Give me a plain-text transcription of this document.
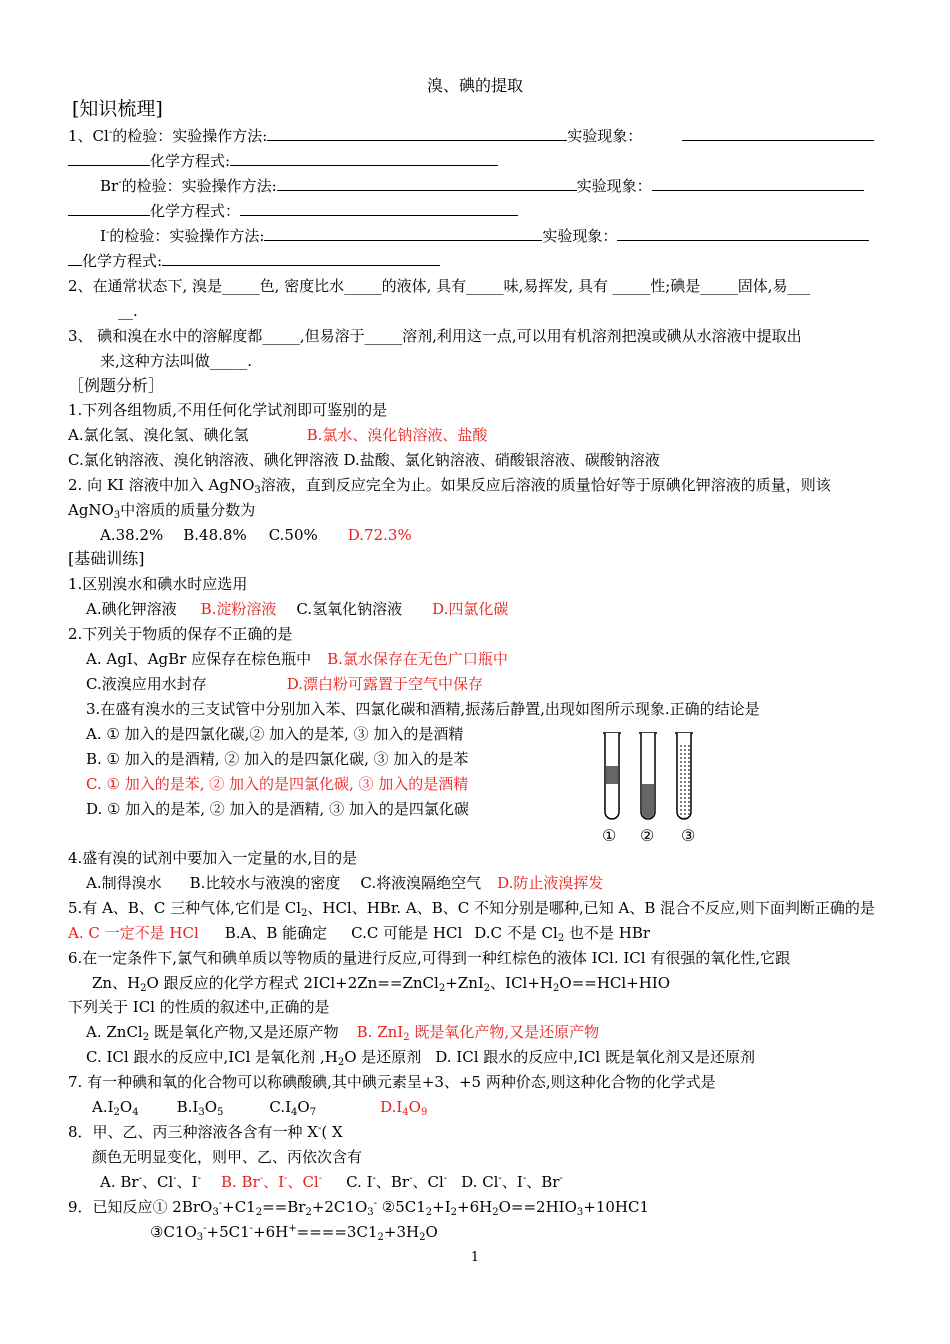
溴、碘的提取
[知识梳理]
1、Cl-的检验：实验操作方法:	实验现象：
化学方程式:
Br-的检验：实验操作方法:	实验现象：
化学方程式：
I-的检验：实验操作方法:	实验现象：
化学方程式:
2、在通常状态下, 溴是_____色, 密度比水_____的液体, 具有_____味,易挥发, 具有 _____性;碘是_____固体,易___
__.
3、 碘和溴在水中的溶解度都_____,但易溶于_____溶剂,利用这一点,可以用有机溶剂把溴或碘从水溶液中提取出
来,这种方法叫做_____.
［例题分析］
1.下列各组物质,不用任何化学试剂即可鉴别的是
A.氯化氢、溴化氢、碘化氢	B.氯水、溴化钠溶液、盐酸
C.氯化钠溶液、溴化钠溶液、碘化钾溶液 D.盐酸、氯化钠溶液、硝酸银溶液、碳酸钠溶液
2. 向 KI 溶液中加入 AgNO$_3$溶液，直到反应完全为止。如果反应后溶液的质量恰好等于原碘化钾溶液的质量，则该
AgNO$_3$中溶质的质量分数为
A.38.2% B.48.8% C.50% D.72.3%
[基础训练]
1.区别溴水和碘水时应选用
A.碘化钾溶液 B.淀粉溶液 C.氢氧化钠溶液 D.四氯化碳
2.下列关于物质的保存不正确的是
A. AgI、AgBr 应保存在棕色瓶中 B.氯水保存在无色广口瓶中
C.液溴应用水封存	D.漂白粉可露置于空气中保存
3.在盛有溴水的三支试管中分别加入苯、四氯化碳和酒精,振荡后静置,出现如图所示现象.正确的结论是
A. ① 加入的是四氯化碳,② 加入的是苯, ③ 加入的是酒精
B. ① 加入的是酒精, ② 加入的是四氯化碳, ③ 加入的是苯
C. ① 加入的是苯, ② 加入的是四氯化碳, ③ 加入的是酒精
D. ① 加入的是苯, ② 加入的是酒精, ③ 加入的是四氯化碳
① ② ③
4.盛有溴的试剂中要加入一定量的水,目的是
A.制得溴水 B.比较水与液溴的密度 C.将液溴隔绝空气 D.防止液溴挥发
5.有 A、B、C 三种气体,它们是 $Cl_2$、HCl、HBr. A、B、C 不知分别是哪种,已知 A、B 混合不反应,则下面判断正确的是
A. C 一定不是 HCl B.A、B 能确定 C.C 可能是 HCl D.C 不是 $Cl_2$ 也不是 HBr
6.在一定条件下,氯气和碘单质以等物质的量进行反应,可得到一种红棕色的液体 ICl. ICl 有很强的氧化性,它跟
Zn、$H_2O$ 跟反应的化学方程式 2ICl+2Zn==ZnCl$_2$+ZnI$_2$、$ICl+H_2O==HCl+HIO$
下列关于 ICl 的性质的叙述中,正确的是
A. ZnCl$_2$ 既是氧化产物,又是还原产物 B. ZnI$_2$ 既是氧化产物,又是还原产物
C. ICl 跟水的反应中,ICl 是氧化剂 $,H_2O$ 是还原剂 D. ICl 跟水的反应中,ICl 既是氧化剂又是还原剂
7. 有一种碘和氧的化合物可以称碘酸碘,其中碘元素呈+3、+5 两种价态,则这种化合物的化学式是
$A.I_2O_4$	$B.I_3O_5$	$C.I_4O_7$	$D.I_4O_9$
8．甲、乙、丙三种溶液各含有一种 X-( X
颜色无明显变化，则甲、乙、丙依次含有
A. Br-、Cl-、I- B. Br-、I-、Cl- C. I-、Br-、Cl- D. Cl-、I-、Br-
9．已知反应① $2BrO_3^-+C1_2==Br_2+2C1O_3^-$ $②5C1_2+I_2+6H_2O==2HIO_3+10HC1$
$③C1O_3^-+5C1^-+6H^+====3C1_2+3H_2O$
1
